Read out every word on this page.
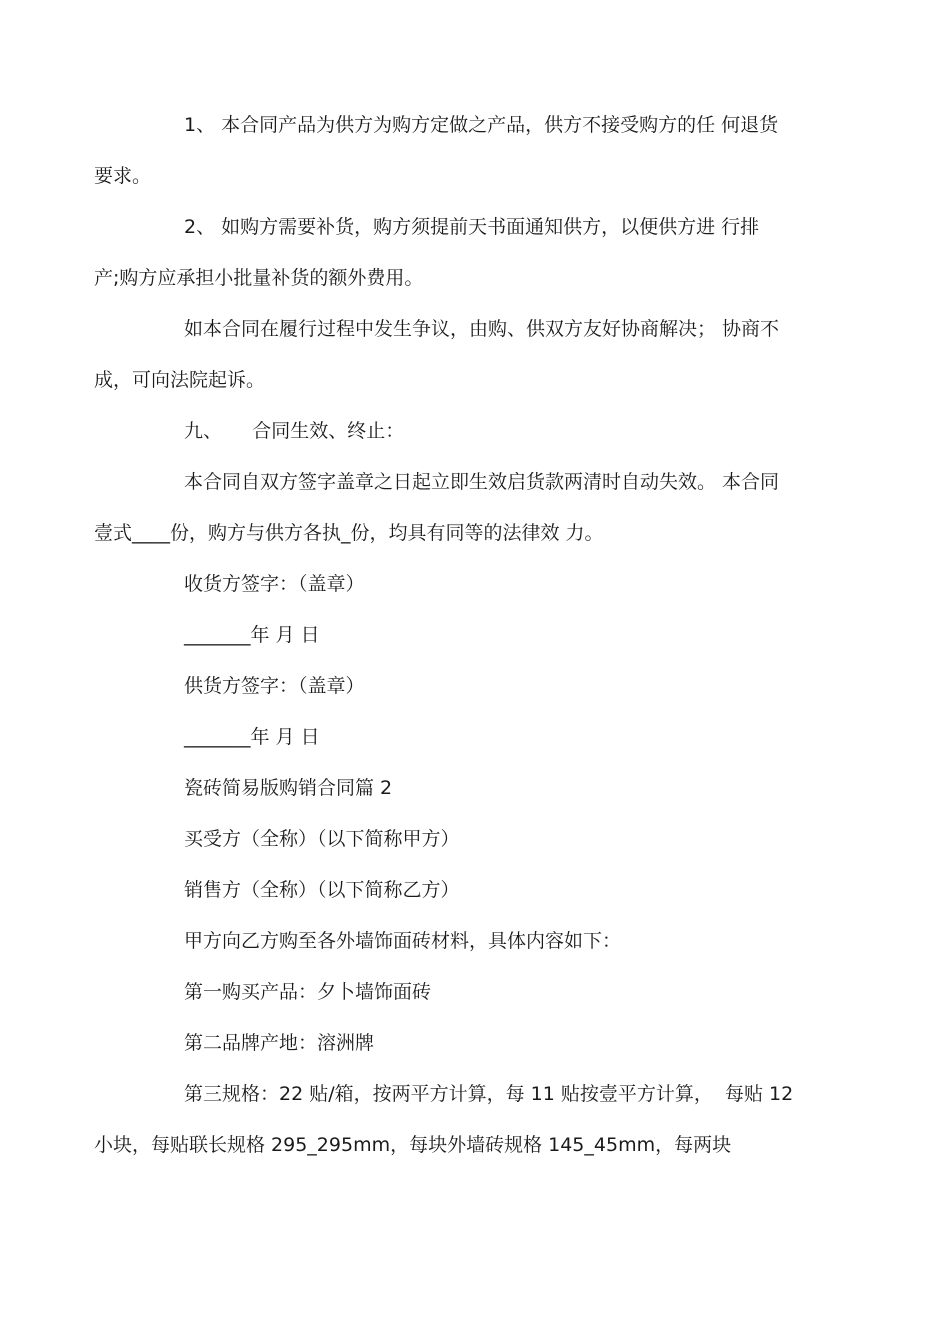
1、 本合同产品为供方为购方定做之产品，供方不接受购方的任 何退货
要求。

2、 如购方需要补货，购方须提前天书面通知供方，以便供方进 行排
产;购方应承担小批量补货的额外费用。

如本合同在履行过程中发生争议，由购、供双方友好协商解决； 协商不
成，可向法院起诉。

九、     合同生效、终止：

本合同自双方签字盖章之日起立即生效启货款两清时自动失效。 本合同
壹式____份，购方与供方各执_份，均具有同等的法律效 力。

收货方签字：（盖章）

_______年 月 日

供货方签字：（盖章）

_______年 月 日

瓷砖简易版购销合同篇 2

买受方（全称）（以下简称甲方）

销售方（全称）（以下简称乙方）

甲方向乙方购至各外墙饰面砖材料，具体内容如下：

第一购买产品：夕卜墙饰面砖

第二品牌产地：溶洲牌

第三规格：22 贴/箱，按两平方计算，每 11 贴按壹平方计算，  每贴 12
小块，每贴联长规格 295_295mm，每块外墙砖规格 145_45mm，每两块
